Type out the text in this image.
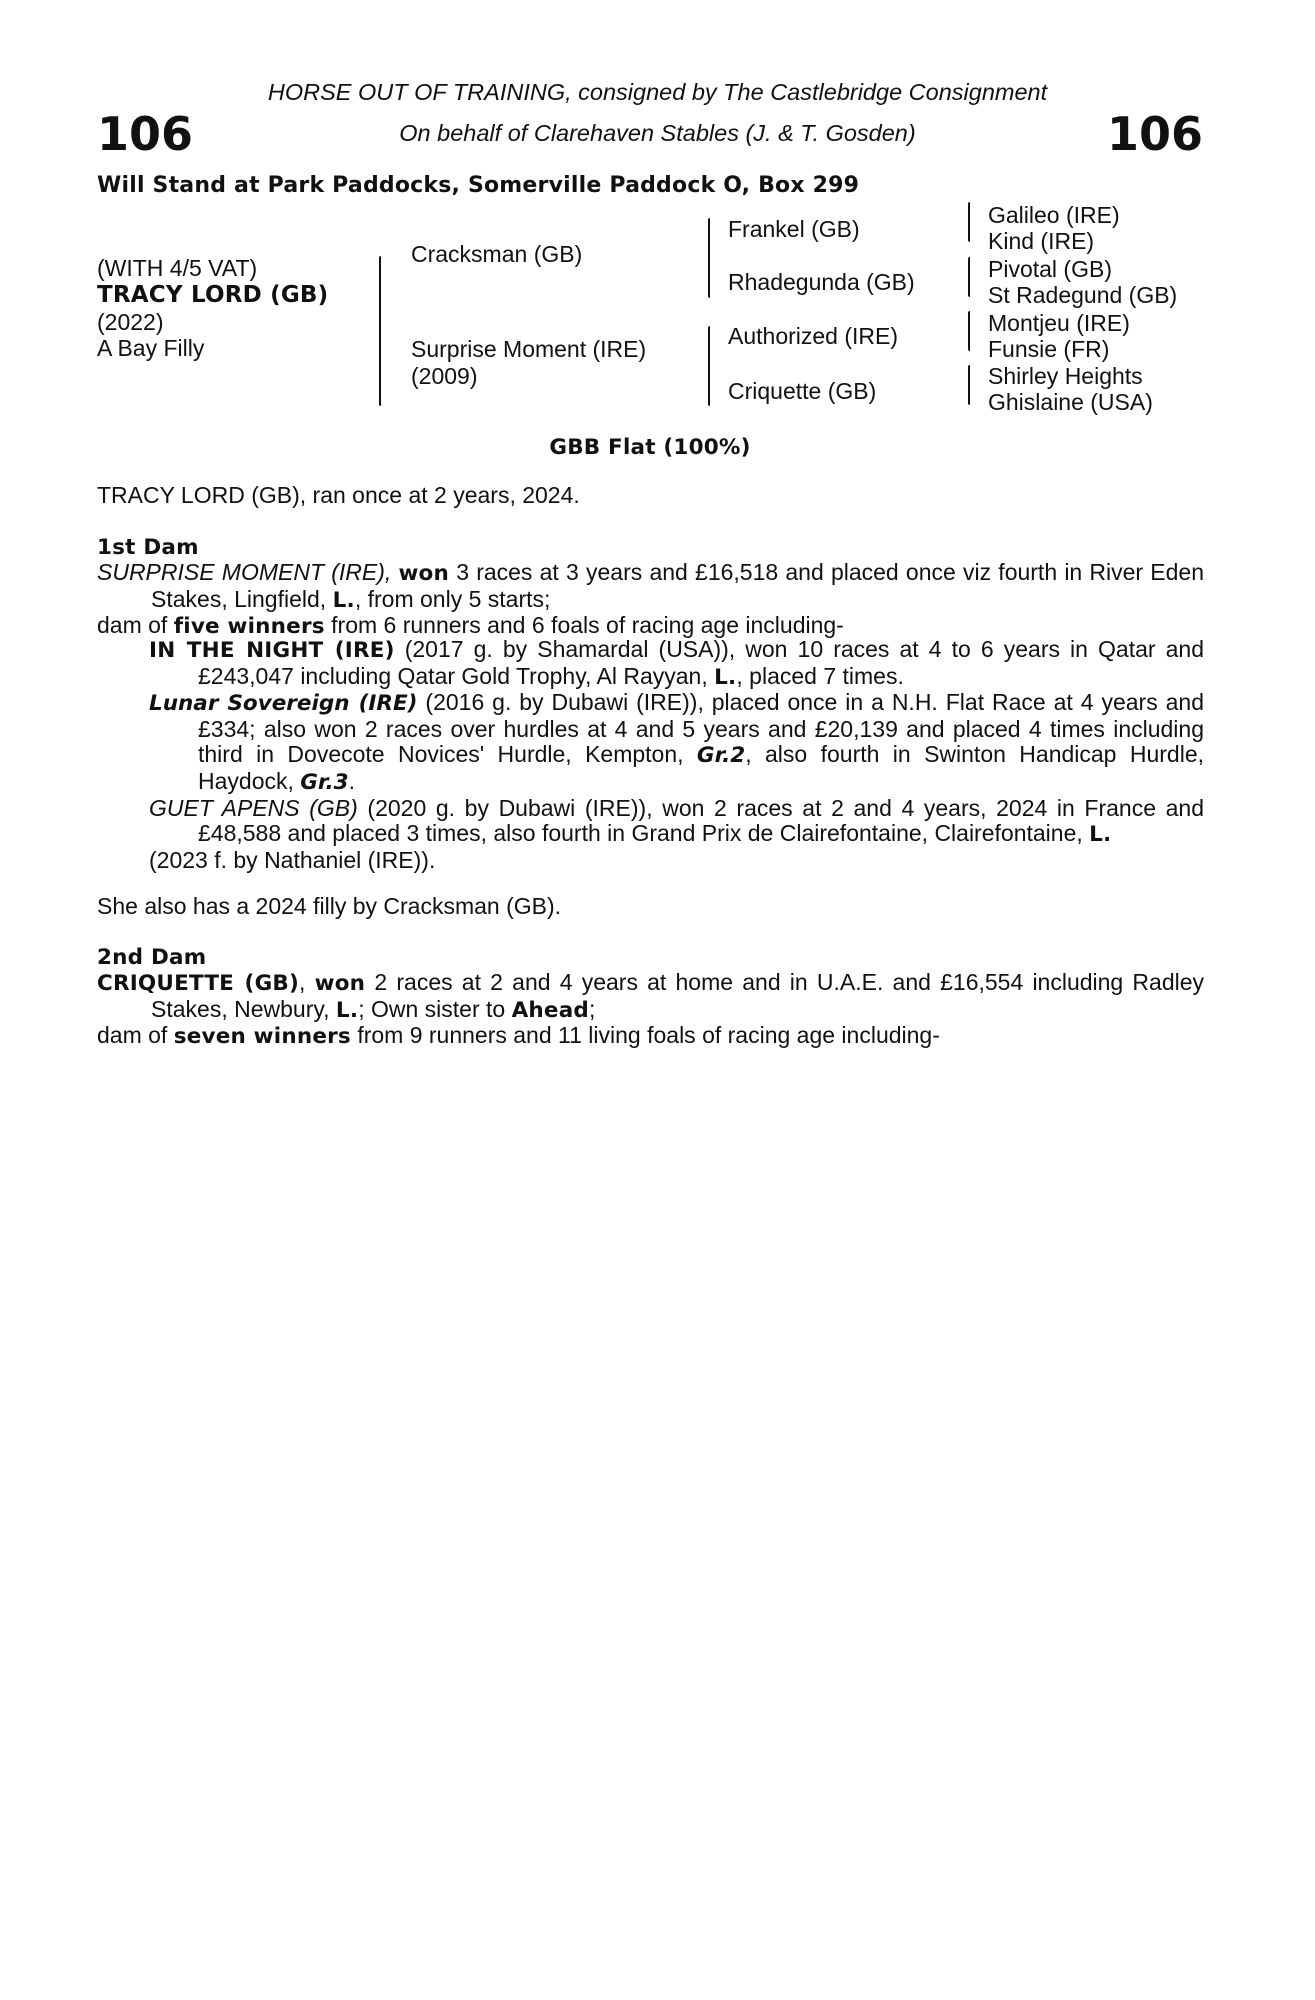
HORSE OUT OF TRAINING, consigned by The Castlebridge Consignment
106	On behalf of Clarehaven Stables (J. & T. Gosden)	106
Will Stand at Park Paddocks, Somerville Paddock O, Box 299
(WITH 4/5 VAT)
TRACY LORD (GB)
(2022)
A Bay Filly
Cracksman (GB)
Surprise Moment (IRE)
(2009)
Frankel (GB)
Rhadegunda (GB)
Authorized (IRE)
Criquette (GB)
Galileo (IRE)
Kind (IRE)
Pivotal (GB)
St Radegund (GB)
Montjeu (IRE)
Funsie (FR)
Shirley Heights
Ghislaine (USA)
GBB Flat (100%)
TRACY LORD (GB), ran once at 2 years, 2024.
1st Dam
SURPRISE MOMENT (IRE), won 3 races at 3 years and £16,518 and placed once viz fourth in River Eden Stakes, Lingfield, L., from only 5 starts;
dam of five winners from 6 runners and 6 foals of racing age including-
IN THE NIGHT (IRE) (2017 g. by Shamardal (USA)), won 10 races at 4 to 6 years in Qatar and £243,047 including Qatar Gold Trophy, Al Rayyan, L., placed 7 times.
Lunar Sovereign (IRE) (2016 g. by Dubawi (IRE)), placed once in a N.H. Flat Race at 4 years and £334; also won 2 races over hurdles at 4 and 5 years and £20,139 and placed 4 times including third in Dovecote Novices' Hurdle, Kempton, Gr.2, also fourth in Swinton Handicap Hurdle, Haydock, Gr.3.
GUET APENS (GB) (2020 g. by Dubawi (IRE)), won 2 races at 2 and 4 years, 2024 in France and £48,588 and placed 3 times, also fourth in Grand Prix de Clairefontaine, Clairefontaine, L.
(2023 f. by Nathaniel (IRE)).
She also has a 2024 filly by Cracksman (GB).
2nd Dam
CRIQUETTE (GB), won 2 races at 2 and 4 years at home and in U.A.E. and £16,554 including Radley Stakes, Newbury, L.; Own sister to Ahead;
dam of seven winners from 9 runners and 11 living foals of racing age including-
